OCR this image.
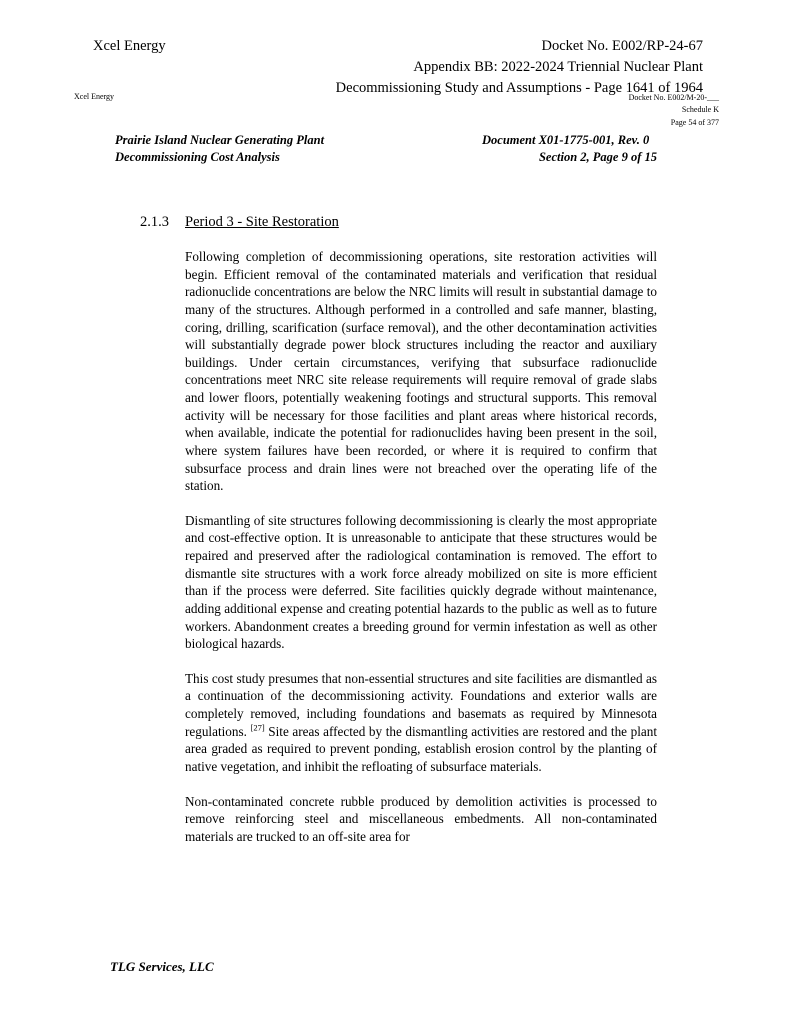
Xcel Energy	Docket No. E002/RP-24-67
Appendix BB: 2022-2024 Triennial Nuclear Plant
Decommissioning Study and Assumptions - Page 1641 of 1964
Xcel Energy	Docket No. E002/M-20-___
Schedule K
Page 54 of 377
Prairie Island Nuclear Generating Plant
Decommissioning Cost Analysis
Document X01-1775-001, Rev. 0
Section 2, Page 9 of 15
2.1.3 Period 3 - Site Restoration

Following completion of decommissioning operations, site restoration activities will begin. Efficient removal of the contaminated materials and verification that residual radionuclide concentrations are below the NRC limits will result in substantial damage to many of the structures. Although performed in a controlled and safe manner, blasting, coring, drilling, scarification (surface removal), and the other decontamination activities will substantially degrade power block structures including the reactor and auxiliary buildings. Under certain circumstances, verifying that subsurface radionuclide concentrations meet NRC site release requirements will require removal of grade slabs and lower floors, potentially weakening footings and structural supports. This removal activity will be necessary for those facilities and plant areas where historical records, when available, indicate the potential for radionuclides having been present in the soil, where system failures have been recorded, or where it is required to confirm that subsurface process and drain lines were not breached over the operating life of the station.

Dismantling of site structures following decommissioning is clearly the most appropriate and cost-effective option. It is unreasonable to anticipate that these structures would be repaired and preserved after the radiological contamination is removed. The effort to dismantle site structures with a work force already mobilized on site is more efficient than if the process were deferred. Site facilities quickly degrade without maintenance, adding additional expense and creating potential hazards to the public as well as to future workers. Abandonment creates a breeding ground for vermin infestation as well as other biological hazards.

This cost study presumes that non-essential structures and site facilities are dismantled as a continuation of the decommissioning activity. Foundations and exterior walls are completely removed, including foundations and basemats as required by Minnesota regulations. [27] Site areas affected by the dismantling activities are restored and the plant area graded as required to prevent ponding, establish erosion control by the planting of native vegetation, and inhibit the refloating of subsurface materials.

Non-contaminated concrete rubble produced by demolition activities is processed to remove reinforcing steel and miscellaneous embedments. All non-contaminated materials are trucked to an off-site area for

TLG Services, LLC
